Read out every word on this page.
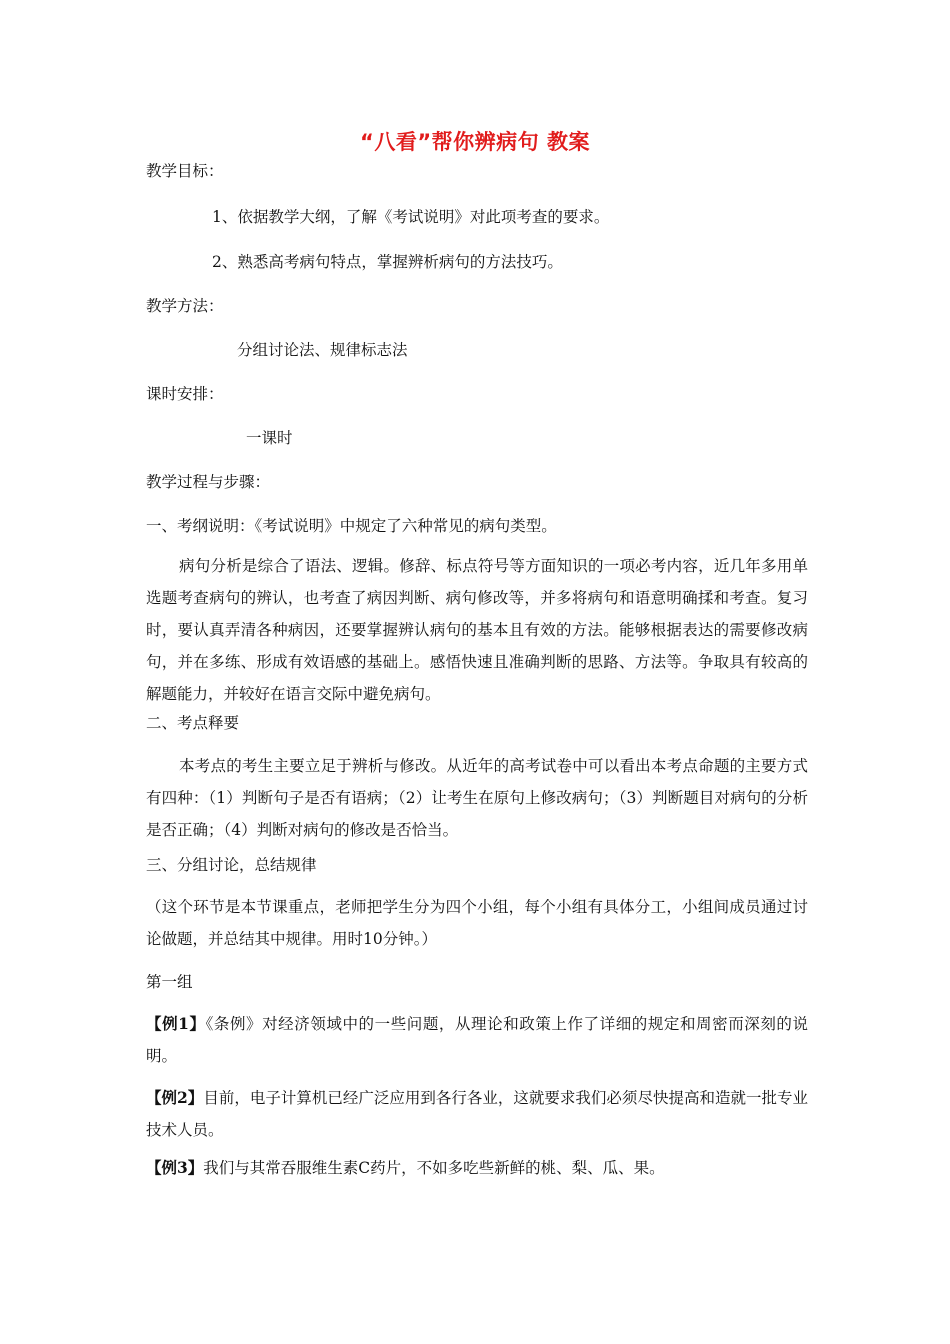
“八看”帮你辨病句 教案
教学目标：
1、依据教学大纲，了解《考试说明》对此项考查的要求。
2、熟悉高考病句特点，掌握辨析病句的方法技巧。
教学方法：
分组讨论法、规律标志法
课时安排：
一课时
教学过程与步骤：
一、考纲说明：《考试说明》中规定了六种常见的病句类型。
病句分析是综合了语法、逻辑。修辞、标点符号等方面知识的一项必考内容，近几年多用单选题考查病句的辨认，也考查了病因判断、病句修改等，并多将病句和语意明确揉和考查。复习时，要认真弄清各种病因，还要掌握辨认病句的基本且有效的方法。能够根据表达的需要修改病句，并在多练、形成有效语感的基础上。感悟快速且准确判断的思路、方法等。争取具有较高的解题能力，并较好在语言交际中避免病句。
二、考点释要
本考点的考生主要立足于辨析与修改。从近年的高考试卷中可以看出本考点命题的主要方式有四种：（1）判断句子是否有语病；（2）让考生在原句上修改病句；（3）判断题目对病句的分析是否正确；（4）判断对病句的修改是否恰当。
三、分组讨论，总结规律
（这个环节是本节课重点，老师把学生分为四个小组，每个小组有具体分工，小组间成员通过讨论做题，并总结其中规律。用时10分钟。）
第一组
【例1】《条例》对经济领域中的一些问题，从理论和政策上作了详细的规定和周密而深刻的说明。
【例2】目前，电子计算机已经广泛应用到各行各业，这就要求我们必须尽快提高和造就一批专业技术人员。
【例3】我们与其常吞服维生素C药片，不如多吃些新鲜的桃、梨、瓜、果。
